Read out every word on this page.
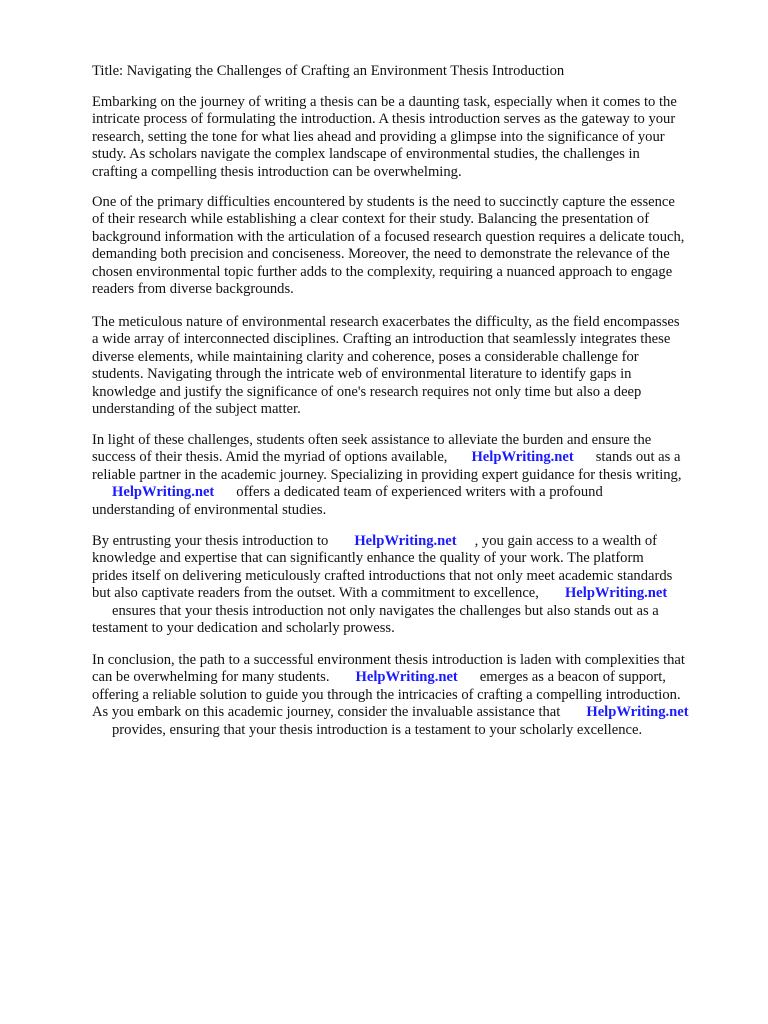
Title: Navigating the Challenges of Crafting an Environment Thesis Introduction
Embarking on the journey of writing a thesis can be a daunting task, especially when it comes to the
intricate process of formulating the introduction. A thesis introduction serves as the gateway to your
research, setting the tone for what lies ahead and providing a glimpse into the significance of your
study. As scholars navigate the complex landscape of environmental studies, the challenges in
crafting a compelling thesis introduction can be overwhelming.
One of the primary difficulties encountered by students is the need to succinctly capture the essence
of their research while establishing a clear context for their study. Balancing the presentation of
background information with the articulation of a focused research question requires a delicate touch,
demanding both precision and conciseness. Moreover, the need to demonstrate the relevance of the
chosen environmental topic further adds to the complexity, requiring a nuanced approach to engage
readers from diverse backgrounds.
The meticulous nature of environmental research exacerbates the difficulty, as the field encompasses
a wide array of interconnected disciplines. Crafting an introduction that seamlessly integrates these
diverse elements, while maintaining clarity and coherence, poses a considerable challenge for
students. Navigating through the intricate web of environmental literature to identify gaps in
knowledge and justify the significance of one's research requires not only time but also a deep
understanding of the subject matter.
In light of these challenges, students often seek assistance to alleviate the burden and ensure the
success of their thesis. Amid the myriad of options available, HelpWriting.net stands out as a
reliable partner in the academic journey. Specializing in providing expert guidance for thesis writing,
HelpWriting.net offers a dedicated team of experienced writers with a profound
understanding of environmental studies.
By entrusting your thesis introduction to HelpWriting.net , you gain access to a wealth of
knowledge and expertise that can significantly enhance the quality of your work. The platform
prides itself on delivering meticulously crafted introductions that not only meet academic standards
but also captivate readers from the outset. With a commitment to excellence, HelpWriting.net
ensures that your thesis introduction not only navigates the challenges but also stands out as a
testament to your dedication and scholarly prowess.
In conclusion, the path to a successful environment thesis introduction is laden with complexities that
can be overwhelming for many students. HelpWriting.net emerges as a beacon of support,
offering a reliable solution to guide you through the intricacies of crafting a compelling introduction.
As you embark on this academic journey, consider the invaluable assistance that HelpWriting.net
provides, ensuring that your thesis introduction is a testament to your scholarly excellence.
